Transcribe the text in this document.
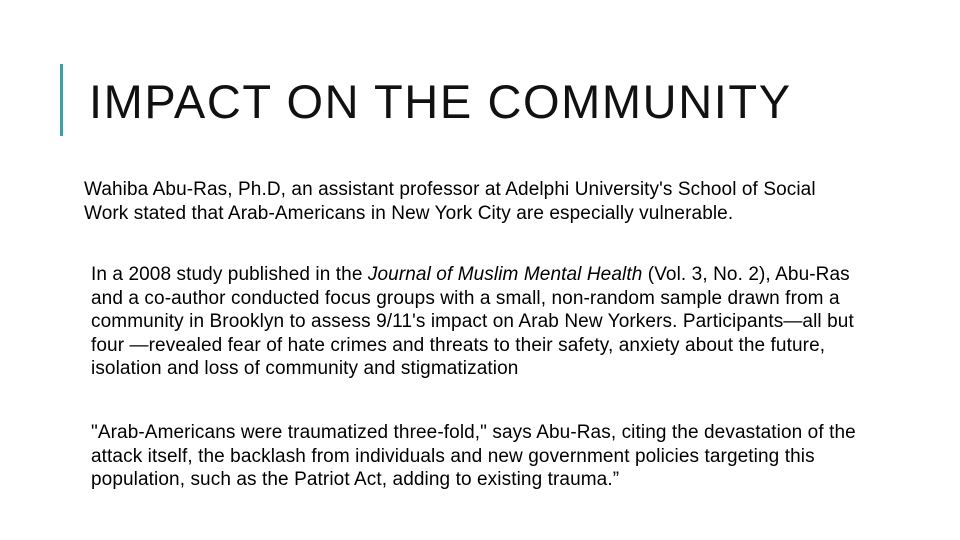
IMPACT ON THE COMMUNITY

Wahiba Abu-Ras, Ph.D, an assistant professor at Adelphi University's School of Social Work stated that Arab-Americans in New York City are especially vulnerable.

In a 2008 study published in the Journal of Muslim Mental Health (Vol. 3, No. 2), Abu-Ras and a co-author conducted focus groups with a small, non-random sample drawn from a community in Brooklyn to assess 9/11's impact on Arab New Yorkers. Participants—all but four —revealed fear of hate crimes and threats to their safety, anxiety about the future, isolation and loss of community and stigmatization

"Arab-Americans were traumatized three-fold," says Abu-Ras, citing the devastation of the attack itself, the backlash from individuals and new government policies targeting this population, such as the Patriot Act, adding to existing trauma.”
